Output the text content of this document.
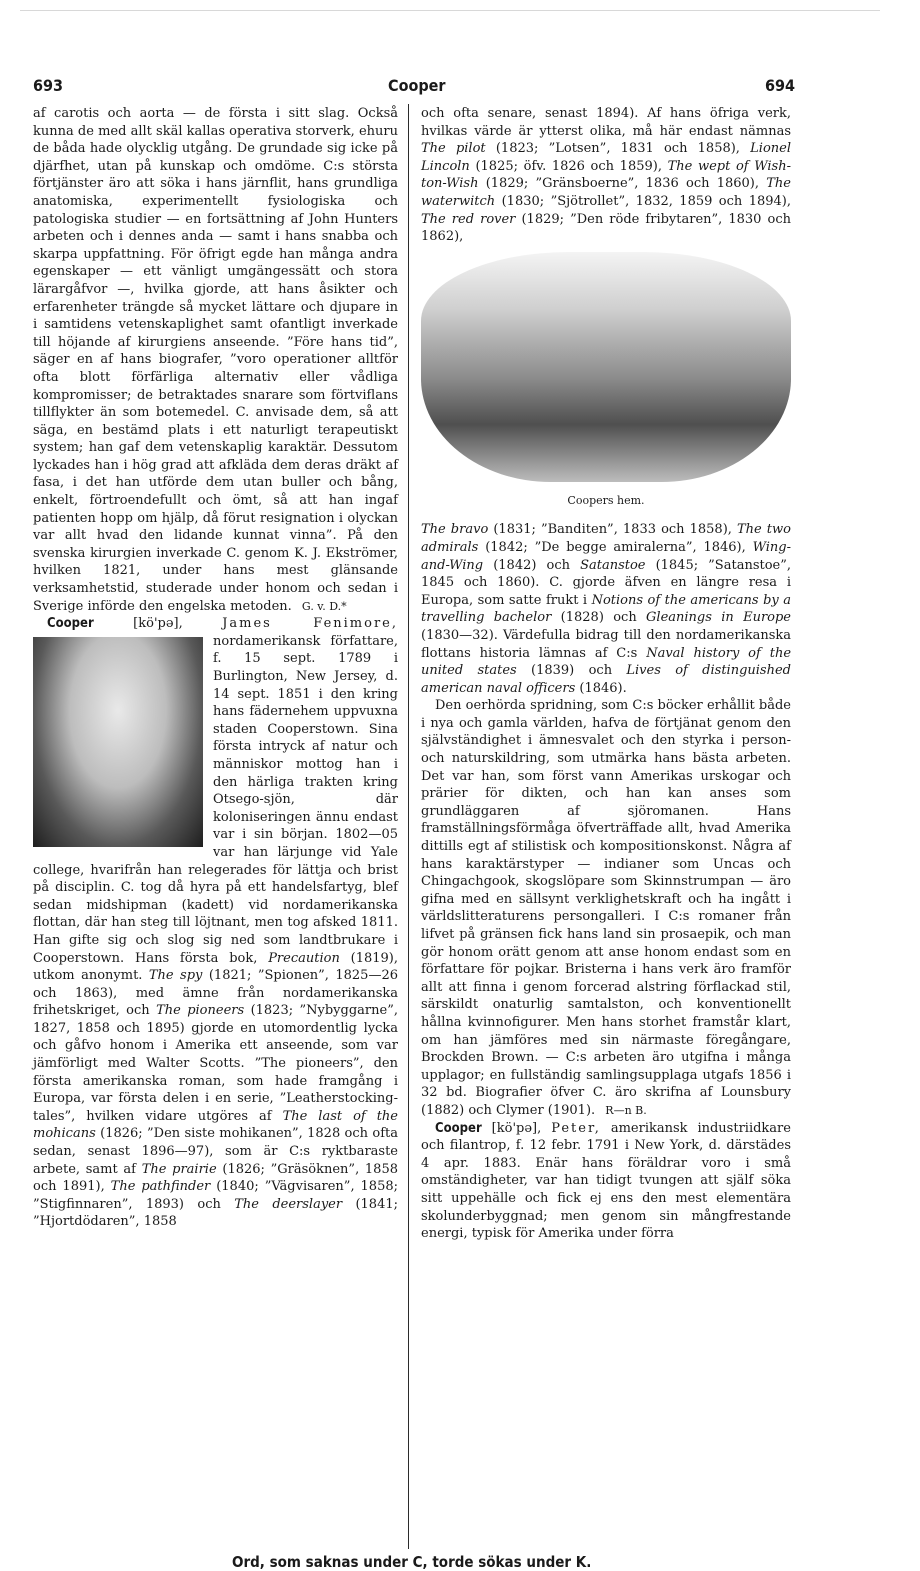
693	Cooper	694

af carotis och aorta — de första i sitt slag. Också kunna de med allt skäl kallas operativa storverk, ehuru de båda hade olycklig utgång. De grundade sig icke på djärfhet, utan på kunskap och omdöme. C:s största förtjänster äro att söka i hans järnflit, hans grundliga anatomiska, experimentellt fysiologiska och patologiska studier — en fortsättning af John Hunters arbeten och i dennes anda — samt i hans snabba och skarpa uppfattning. För öfrigt egde han många andra egenskaper — ett vänligt umgängessätt och stora lärargåfvor —, hvilka gjorde, att hans åsikter och erfarenheter trängde så mycket lättare och djupare in i samtidens vetenskaplighet samt ofantligt inverkade till höjande af kirurgiens anseende. ”Före hans tid”, säger en af hans biografer, ”voro operationer alltför ofta blott förfärliga alternativ eller vådliga kompromisser; de betraktades snarare som förtviflans tillflykter än som botemedel. C. anvisade dem, så att säga, en bestämd plats i ett naturligt terapeutiskt system; han gaf dem vetenskaplig karaktär. Dessutom lyckades han i hög grad att afkläda dem deras dräkt af fasa, i det han utförde dem utan buller och bång, enkelt, förtroendefullt och ömt, så att han ingaf patienten hopp om hjälp, då förut resignation i olyckan var allt hvad den lidande kunnat vinna”. På den svenska kirurgien inverkade C. genom K. J. Ekströmer, hvilken 1821, under hans mest glänsande verksamhetstid, studerade under honom och sedan i Sverige införde den engelska metoden. G. v. D.*

Cooper	[kö'pə],	James Fenimore,
nordamerikansk författare, f. 15 sept. 1789 i Burlington, New Jersey, d. 14 sept. 1851 i den kring hans fädernehem uppvuxna staden Cooperstown. Sina första intryck af natur och människor mottog han i den härliga trakten kring Otsego-sjön, där koloniseringen ännu endast var i sin början. 1802—05 var han lärjunge vid Yale college, hvarifrån han relegerades för lättja och brist på disciplin. C. tog då hyra på ett handelsfartyg, blef sedan midshipman (kadett) vid nordamerikanska flottan, där han steg till löjtnant, men tog afsked 1811. Han gifte sig och slog sig ned som landtbrukare i Cooperstown. Hans första bok, Precaution (1819), utkom anonymt. The spy (1821; ”Spionen”, 1825—26 och 1863), med ämne från nordamerikanska frihetskriget, och The pioneers (1823; ”Nybyggarne”, 1827, 1858 och 1895) gjorde en utomordentlig lycka och gåfvo honom i Amerika ett anseende, som var jämförligt med Walter Scotts. ”The pioneers”, den första amerikanska roman, som hade framgång i Europa, var första delen i en serie, ”Leatherstocking-tales”, hvilken vidare utgöres af The last of the mohicans (1826; ”Den siste mohikanen”, 1828 och ofta sedan, senast 1896—97), som är C:s ryktbaraste arbete, samt af The prairie (1826; ”Gräsöknen”, 1858 och 1891), The pathfinder (1840; ”Vägvisaren”, 1858; ”Stigfinnaren”, 1893) och The deerslayer (1841; ”Hjortdödaren”, 1858

och ofta senare, senast 1894). Af hans öfriga verk, hvilkas värde är ytterst olika, må här endast nämnas The pilot (1823; ”Lotsen”, 1831 och 1858), Lionel Lincoln (1825; öfv. 1826 och 1859), The wept of Wish-ton-Wish (1829; ”Gränsboerne”, 1836 och 1860), The waterwitch (1830; ”Sjötrollet”, 1832, 1859 och 1894), The red rover (1829; ”Den röde fribytaren”, 1830 och 1862),

Coopers hem.

The bravo (1831; ”Banditen”, 1833 och 1858), The two admirals (1842; ”De begge amiralerna”, 1846), Wing-and-Wing (1842) och Satanstoe (1845; ”Satanstoe”, 1845 och 1860). C. gjorde äfven en längre resa i Europa, som satte frukt i Notions of the americans by a travelling bachelor (1828) och Gleanings in Europe (1830—32). Värdefulla bidrag till den nordamerikanska flottans historia lämnas af C:s Naval history of the united states (1839) och Lives of distinguished american naval officers (1846).

Den oerhörda spridning, som C:s böcker erhållit både i nya och gamla världen, hafva de förtjänat genom den självständighet i ämnesvalet och den styrka i person- och naturskildring, som utmärka hans bästa arbeten. Det var han, som först vann Amerikas urskogar och prärier för dikten, och han kan anses som grundläggaren af sjöromanen. Hans framställningsförmåga öfverträffade allt, hvad Amerika dittills egt af stilistisk och kompositionskonst. Några af hans karaktärstyper — indianer som Uncas och Chingachgook, skogslöpare som Skinnstrumpan — äro gifna med en sällsynt verklighetskraft och ha ingått i världslitteraturens persongalleri. I C:s romaner från lifvet på gränsen fick hans land sin prosaepik, och man gör honom orätt genom att anse honom endast som en författare för pojkar. Bristerna i hans verk äro framför allt att finna i genom forcerad alstring förflackad stil, särskildt onaturlig samtalston, och konventionellt hållna kvinnofigurer. Men hans storhet framstår klart, om han jämföres med sin närmaste föregångare, Brockden Brown. — C:s arbeten äro utgifna i många upplagor; en fullständig samlingsupplaga utgafs 1856 i 32 bd. Biografier öfver C. äro skrifna af Lounsbury (1882) och Clymer (1901). R—n B.

Cooper [kö'pə], Peter, amerikansk industriidkare och filantrop, f. 12 febr. 1791 i New York, d. därstädes 4 apr. 1883. Enär hans föräldrar voro i små omständigheter, var han tidigt tvungen att själf söka sitt uppehälle och fick ej ens den mest elementära skolunderbyggnad; men genom sin mångfrestande energi, typisk för Amerika under förra

Ord, som saknas under C, torde sökas under K.
